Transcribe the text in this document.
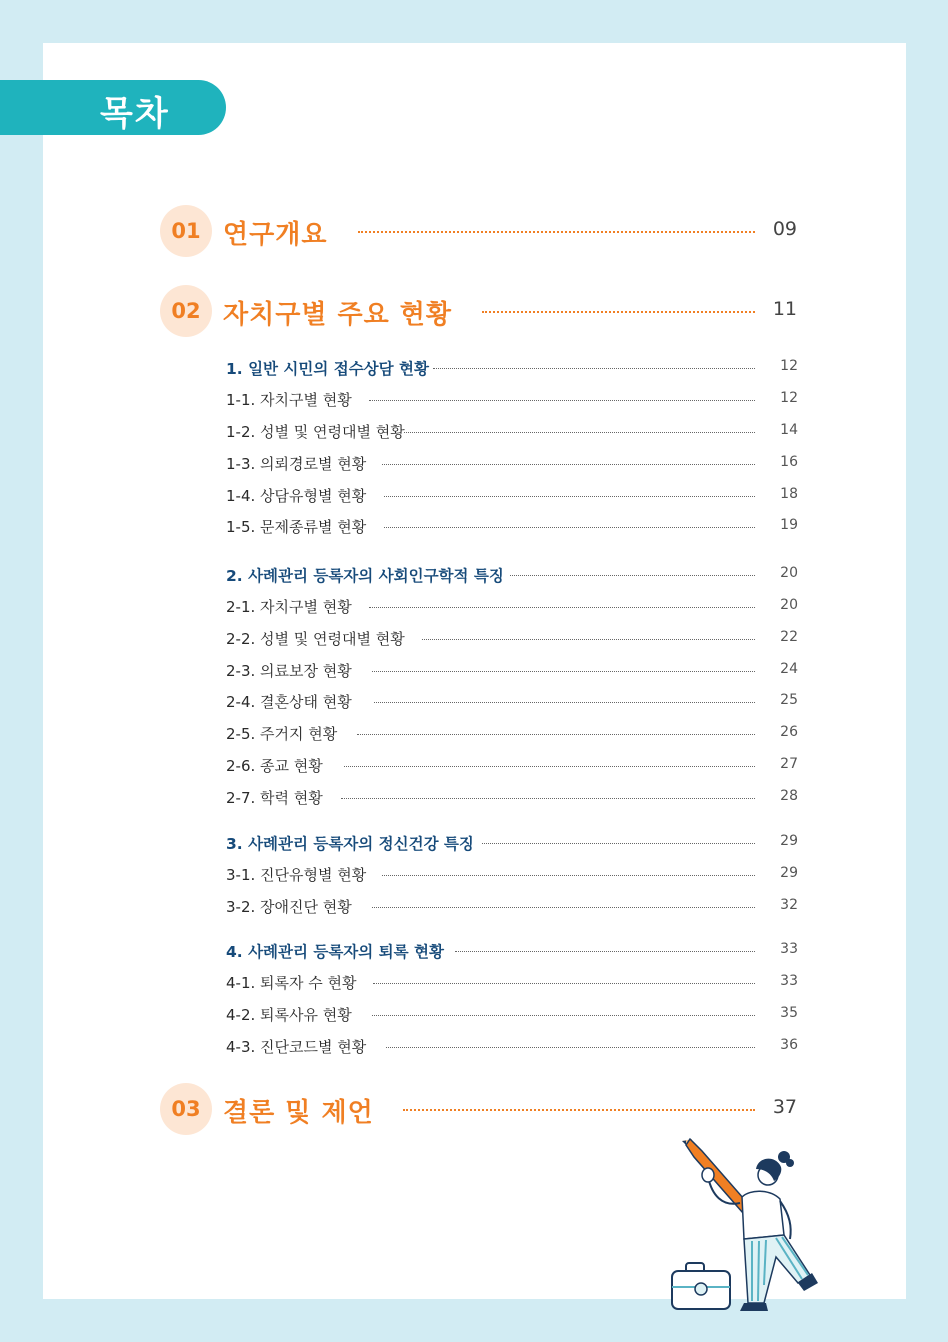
목차
01 연구개요	09
02 자치구별 주요 현황	11
1. 일반 시민의 접수상담 현황	12
1-1. 자치구별 현황	12
1-2. 성별 및 연령대별 현황	14
1-3. 의뢰경로별 현황	16
1-4. 상담유형별 현황	18
1-5. 문제종류별 현황	19
2. 사례관리 등록자의 사회인구학적 특징	20
2-1. 자치구별 현황	20
2-2. 성별 및 연령대별 현황	22
2-3. 의료보장 현황	24
2-4. 결혼상태 현황	25
2-5. 주거지 현황	26
2-6. 종교 현황	27
2-7. 학력 현황	28
3. 사례관리 등록자의 정신건강 특징	29
3-1. 진단유형별 현황	29
3-2. 장애진단 현황	32
4. 사례관리 등록자의 퇴록 현황	33
4-1. 퇴록자 수 현황	33
4-2. 퇴록사유 현황	35
4-3. 진단코드별 현황	36
03 결론 및 제언	37
